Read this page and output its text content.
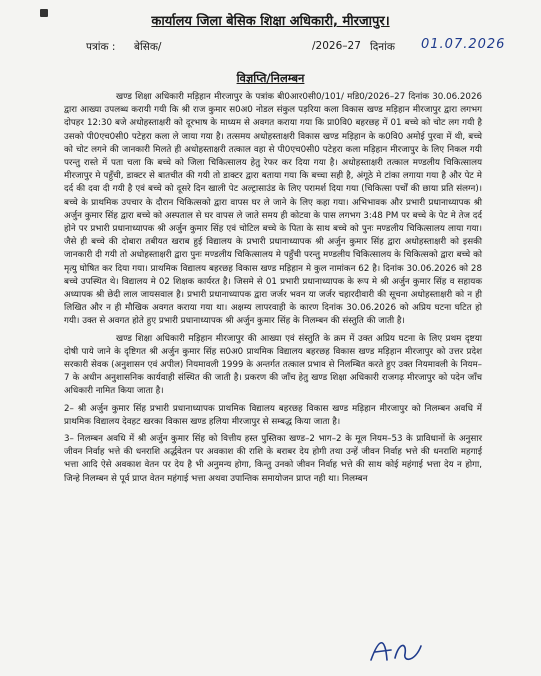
कार्यालय जिला बेसिक शिक्षा अधिकारी, मीरजापुर।
पत्रांक : बेसिक/	/2026–27 दिनांक 01.07.2026
विज्ञप्ति/निलम्बन

खण्ड शिक्षा अधिकारी मड़िहान मीरजापुर के पत्रांक बी0आर0सी0/101/ मडि0/2026–27 दिनांक 30.06.2026 द्वारा आख्या उपलब्ध करायी गयी कि श्री राज कुमार स0अ0 नोडल संकुल पड़रिया कला विकास खण्ड मड़िहान मीरजापुर द्वारा लगभग दोपहर 12:30 बजे अधोहस्ताक्षरी को दूरभाष के माध्यम से अवगत कराया गया कि प्रा0वि0 बहरछह में 01 बच्चे को चोट लग गयी है उसको पी0एच0सी0 पटेहरा कला ले जाया गया है। तत्समय अधोहस्ताक्षरी विकास खण्ड मड़िहान के क0वि0 अमोई पुरवा में थी, बच्चे को चोट लगने की जानकारी मिलते ही अधोहस्ताक्षरी तत्काल वहा से पी0एच0सी0 पटेहरा कला मड़िहान मीरजापुर के लिए निकल गयी परन्तु रास्ते में पता चला कि बच्चे को जिला चिकित्सालय हेतु रेफर कर दिया गया है। अधोहस्ताक्षरी तत्काल मण्डलीय चिकित्सालय मीरजापुर मे पहुँची, डाक्टर से बातचीत की गयी तो डाक्टर द्वारा बताया गया कि बच्चा सही है, अंगूठे मे टांका लगाया गया है और पेट मे दर्द की दवा दी गयी है एवं बच्चे को दूसरे दिन खाली पेट अल्ट्रासाउंड के लिए परामर्श दिया गया (चिकित्सा पर्चों की छाया प्रति संलग्न)। बच्चे के प्राथमिक उपचार के दौरान चिकित्सको द्वारा वापस घर ले जाने के लिए कहा गया। अभिभावक और प्रभारी प्रधानाध्यापक श्री अर्जुन कुमार सिंह द्वारा बच्चे को अस्पताल से घर वापस ले जाते समय ही कोटवा के पास लगभग 3:48 PM पर बच्चे के पेट मे तेज दर्द होने पर प्रभारी प्रधानाध्यापक श्री अर्जुन कुमार सिंह एवं चोटिल बच्चे के पिता के साथ बच्चे को पुनः मण्डलीय चिकित्सालय लाया गया। जैसे ही बच्चे की दोबारा तबीयत खराब हुई विद्यालय के प्रभारी प्रधानाध्यापक श्री अर्जुन कुमार सिंह द्वारा अधोहस्ताक्षरी को इसकी जानकारी दी गयी तो अधोहस्ताक्षरी द्वारा पुनः मण्डलीय चिकित्सालय मे पहुँची परन्तु मण्डलीय चिकित्सालय के चिकित्सको द्वारा बच्चे को मृत्यु घोषित कर दिया गया। प्राथमिक विद्यालय बहरछह विकास खण्ड मड़िहान मे कुल नामांकन 62 है। दिनांक 30.06.2026 को 28 बच्चे उपस्थित थे। विद्यालय मे 02 शिक्षक कार्यरत है। जिसमे से 01 प्रभारी प्रधानाध्यापक के रूप मे श्री अर्जुन कुमार सिंह व सहायक अध्यापक श्री छेदी लाल जायसवाल है। प्रभारी प्रधानाध्यापक द्वारा जर्जर भवन या जर्जर चहारदीवारी की सूचना अधोहस्ताक्षरी को न ही लिखित और न ही मौखिक अवगत कराया गया था। अक्षम्य लापरवाही के कारण दिनांक 30.06.2026 को अप्रिय घटना घटित हो गयी। उक्त से अवगत होते हुए प्रभारी प्रधानाध्यापक श्री अर्जुन कुमार सिंह के निलम्बन की संस्तुति की जाती है।

खण्ड शिक्षा अधिकारी मड़िहान मीरजापुर की आख्या एवं संस्तुति के क्रम में उक्त अप्रिय घटना के लिए प्रथम दृष्टया दोषी पाये जाने के दृष्टिगत श्री अर्जुन कुमार सिंह स0अ0 प्राथमिक विद्यालय बहरछह विकास खण्ड मड़िहान मीरजापुर को उत्तर प्रदेश सरकारी सेवक (अनुशासन एवं अपील) नियमावली 1999 के अन्तर्गत तत्काल प्रभाव से निलम्बित करते हुए उक्त नियमावली के नियम–7 के अधीन अनुशासनिक कार्यवाही संस्थित की जाती है। प्रकरण की जाँच हेतु खण्ड शिक्षा अधिकारी राजगढ़ मीरजापुर को पदेन जाँच अधिकारी नामित किया जाता है।

2– श्री अर्जुन कुमार सिंह प्रभारी प्रधानाध्यापक प्राथमिक विद्यालय बहरछह विकास खण्ड मड़िहान मीरजापुर को निलम्बन अवधि में प्राथमिक विद्यालय देवहट खरका विकास खण्ड हलिया मीरजापुर से सम्बद्ध किया जाता है।

3– निलम्बन अवधि में श्री अर्जुन कुमार सिंह को वित्तीय हस्त पुस्तिका खण्ड–2 भाग–2 के मूल नियम–53 के प्राविधानों के अनुसार जीवन निर्वाह भत्ते की धनराशि अर्द्धवेतन पर अवकाश की राशि के बराबर देय होगी तथा उन्हें जीवन निर्वाह भत्ते की धनराशि महगाई भत्ता आदि ऐसे अवकाश वेतन पर देय है भी अनुमन्य होगा, किन्तु उनको जीवन निर्वाह भत्ते की साथ कोई महंगाई भत्ता देय न होगा, जिन्हे निलम्बन से पूर्व प्राप्त वेतन महंगाई भत्ता अथवा उपान्तिक समायोजन प्राप्त नही था। निलम्बन
